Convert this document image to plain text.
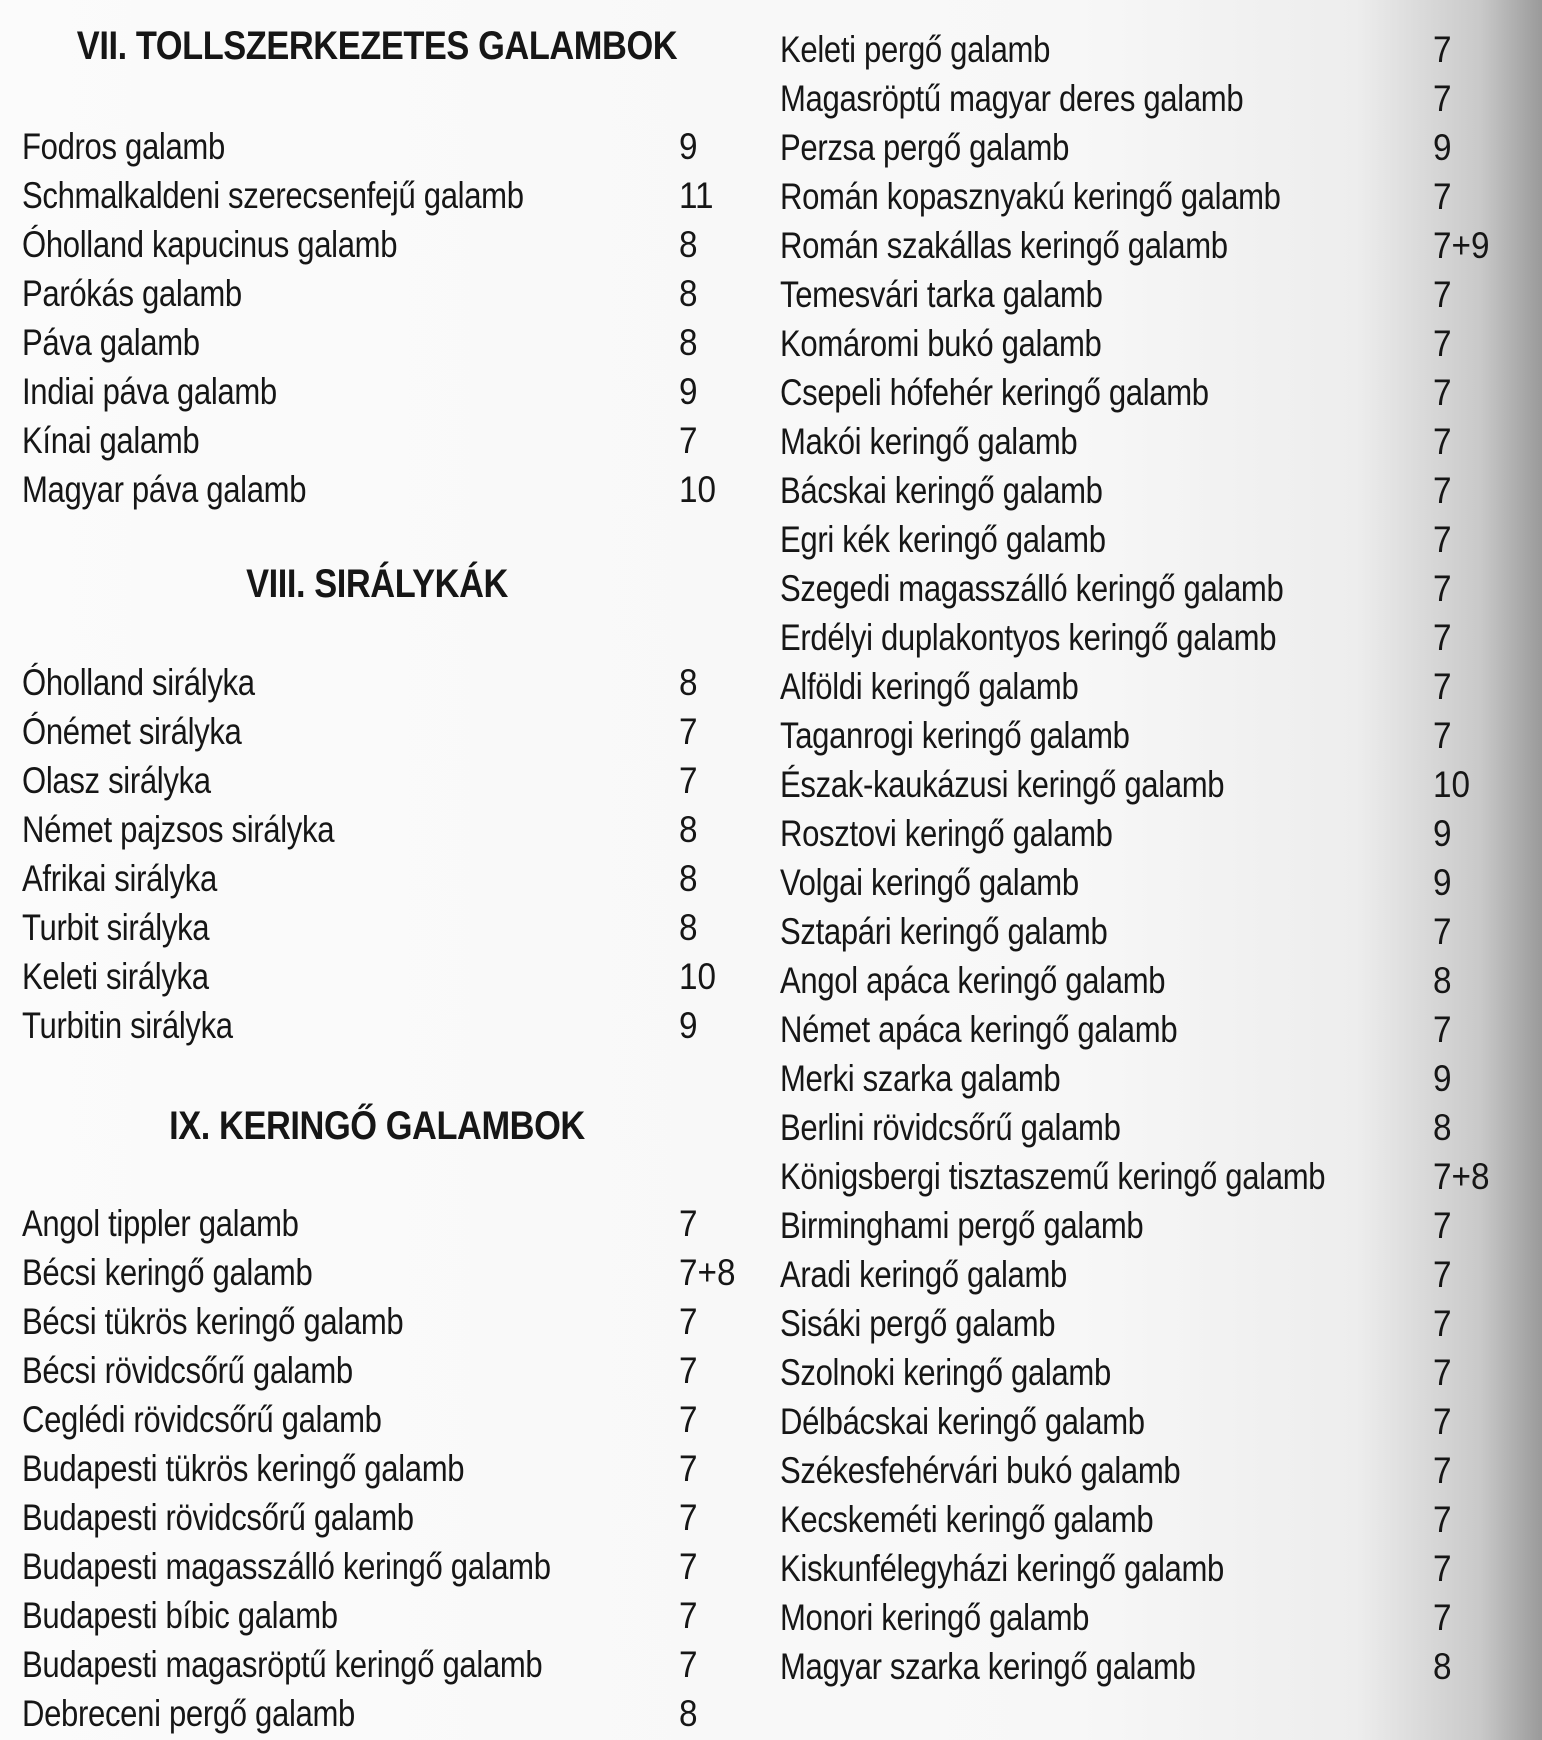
VII. TOLLSZERKEZETES GALAMBOK
Fodros galamb	9
Schmalkaldeni szerecsenfejű galamb	11
Óholland kapucinus galamb	8
Parókás galamb	8
Páva galamb	8
Indiai páva galamb	9
Kínai galamb	7
Magyar páva galamb	10
VIII. SIRÁLYKÁK
Óholland sirályka	8
Ónémet sirályka	7
Olasz sirályka	7
Német pajzsos sirályka	8
Afrikai sirályka	8
Turbit sirályka	8
Keleti sirályka	10
Turbitin sirályka	9
IX. KERINGŐ GALAMBOK
Angol tippler galamb	7
Bécsi keringő galamb	7+8
Bécsi tükrös keringő galamb	7
Bécsi rövidcsőrű galamb	7
Ceglédi rövidcsőrű galamb	7
Budapesti tükrös keringő galamb	7
Budapesti rövidcsőrű galamb	7
Budapesti magasszálló keringő galamb	7
Budapesti bíbic galamb	7
Budapesti magasröptű keringő galamb	7
Debreceni pergő galamb	8
Keleti pergő galamb	7
Magasröptű magyar deres galamb	7
Perzsa pergő galamb	9
Román kopasznyakú keringő galamb	7
Román szakállas keringő galamb	7+9
Temesvári tarka galamb	7
Komáromi bukó galamb	7
Csepeli hófehér keringő galamb	7
Makói keringő galamb	7
Bácskai keringő galamb	7
Egri kék keringő galamb	7
Szegedi magasszálló keringő galamb	7
Erdélyi duplakontyos keringő galamb	7
Alföldi keringő galamb	7
Taganrogi keringő galamb	7
Észak-kaukázusi keringő galamb	10
Rosztovi keringő galamb	9
Volgai keringő galamb	9
Sztapári keringő galamb	7
Angol apáca keringő galamb	8
Német apáca keringő galamb	7
Merki szarka galamb	9
Berlini rövidcsőrű galamb	8
Königsbergi tisztaszemű keringő galamb	7+8
Birminghami pergő galamb	7
Aradi keringő galamb	7
Sisáki pergő galamb	7
Szolnoki keringő galamb	7
Délbácskai keringő galamb	7
Székesfehérvári bukó galamb	7
Kecskeméti keringő galamb	7
Kiskunfélegyházi keringő galamb	7
Monori keringő galamb	7
Magyar szarka keringő galamb	8
